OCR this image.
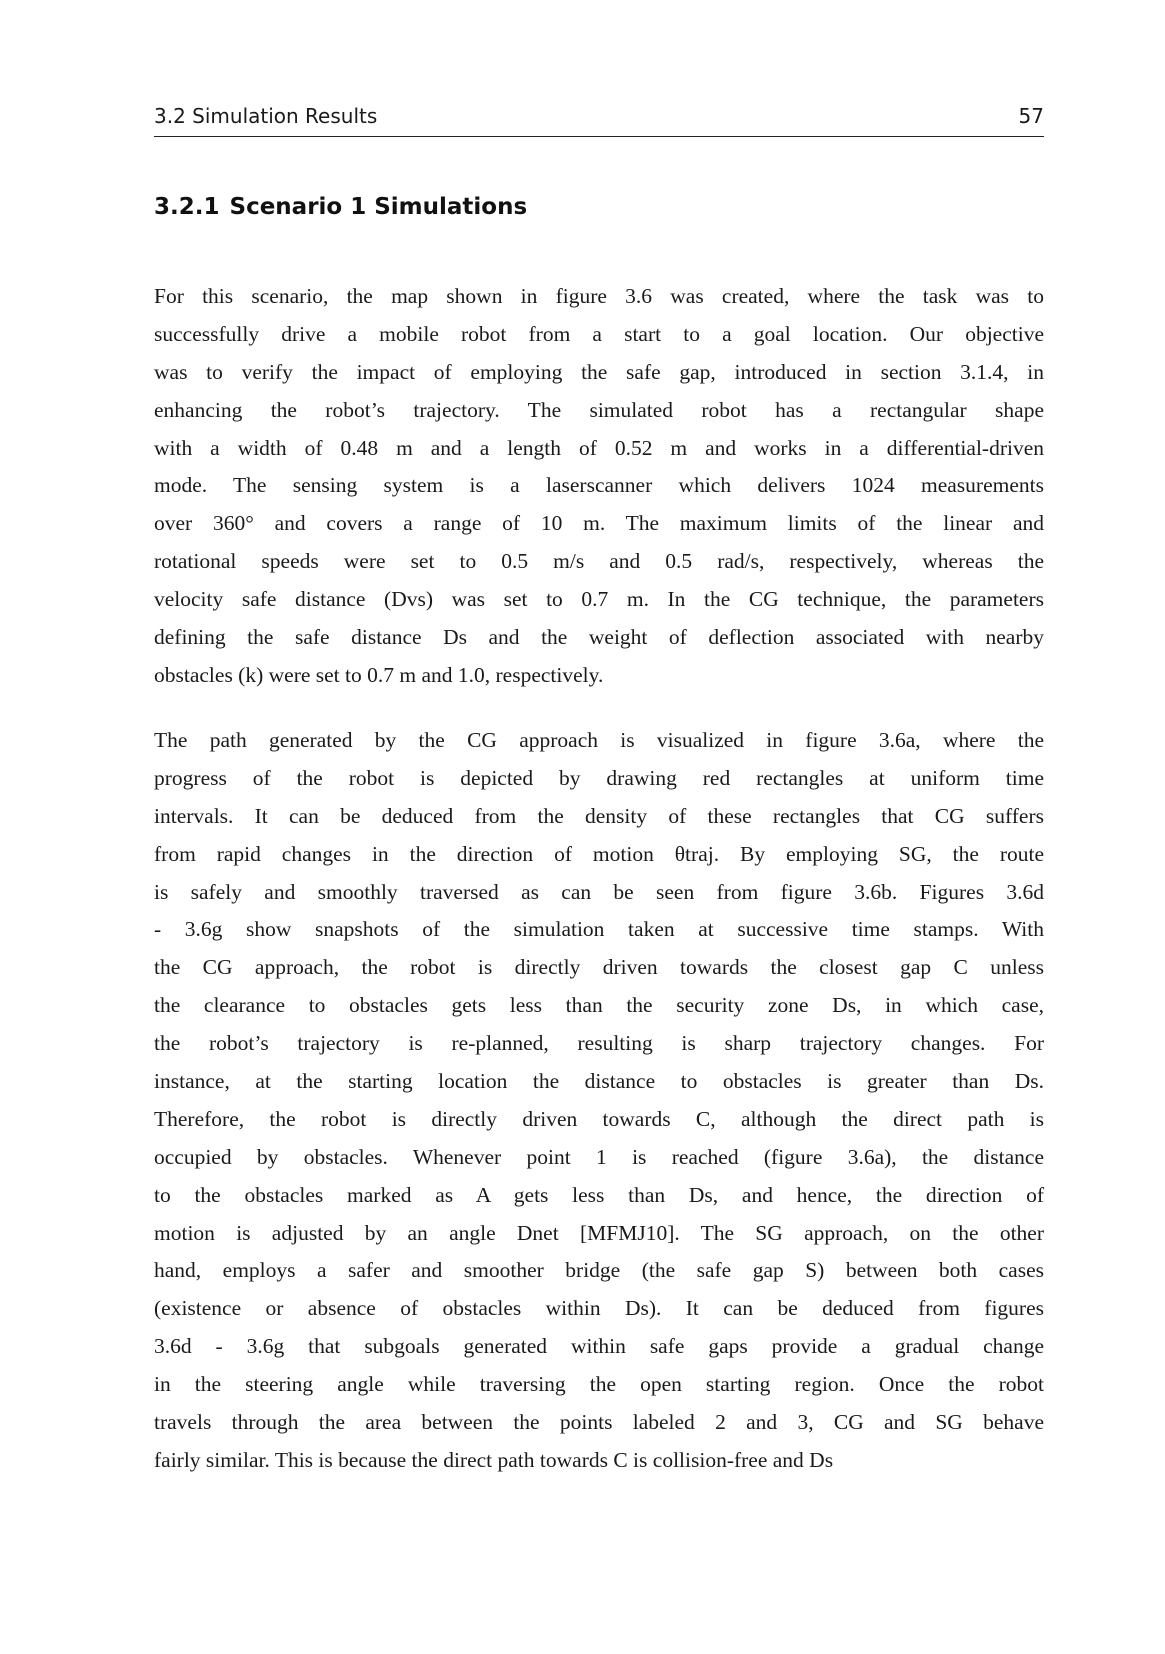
3.2 Simulation Results	57
3.2.1 Scenario 1 Simulations
For this scenario, the map shown in figure 3.6 was created, where the task was to
successfully drive a mobile robot from a start to a goal location. Our objective
was to verify the impact of employing the safe gap, introduced in section 3.1.4, in
enhancing the robot’s trajectory. The simulated robot has a rectangular shape
with a width of 0.48 m and a length of 0.52 m and works in a differential-driven
mode. The sensing system is a laserscanner which delivers 1024 measurements
over 360° and covers a range of 10 m. The maximum limits of the linear and
rotational speeds were set to 0.5 m/s and 0.5 rad/s, respectively, whereas the
velocity safe distance (Dvs) was set to 0.7 m. In the CG technique, the parameters
defining the safe distance Ds and the weight of deflection associated with nearby
obstacles (k) were set to 0.7 m and 1.0, respectively.
The path generated by the CG approach is visualized in figure 3.6a, where the
progress of the robot is depicted by drawing red rectangles at uniform time
intervals. It can be deduced from the density of these rectangles that CG suffers
from rapid changes in the direction of motion θtraj. By employing SG, the route
is safely and smoothly traversed as can be seen from figure 3.6b. Figures 3.6d
- 3.6g show snapshots of the simulation taken at successive time stamps. With
the CG approach, the robot is directly driven towards the closest gap C unless
the clearance to obstacles gets less than the security zone Ds, in which case,
the robot’s trajectory is re-planned, resulting is sharp trajectory changes. For
instance, at the starting location the distance to obstacles is greater than Ds.
Therefore, the robot is directly driven towards C, although the direct path is
occupied by obstacles. Whenever point 1 is reached (figure 3.6a), the distance
to the obstacles marked as A gets less than Ds, and hence, the direction of
motion is adjusted by an angle Dnet [MFMJ10]. The SG approach, on the other
hand, employs a safer and smoother bridge (the safe gap S) between both cases
(existence or absence of obstacles within Ds). It can be deduced from figures
3.6d - 3.6g that subgoals generated within safe gaps provide a gradual change
in the steering angle while traversing the open starting region. Once the robot
travels through the area between the points labeled 2 and 3, CG and SG behave
fairly similar. This is because the direct path towards C is collision-free and Ds
